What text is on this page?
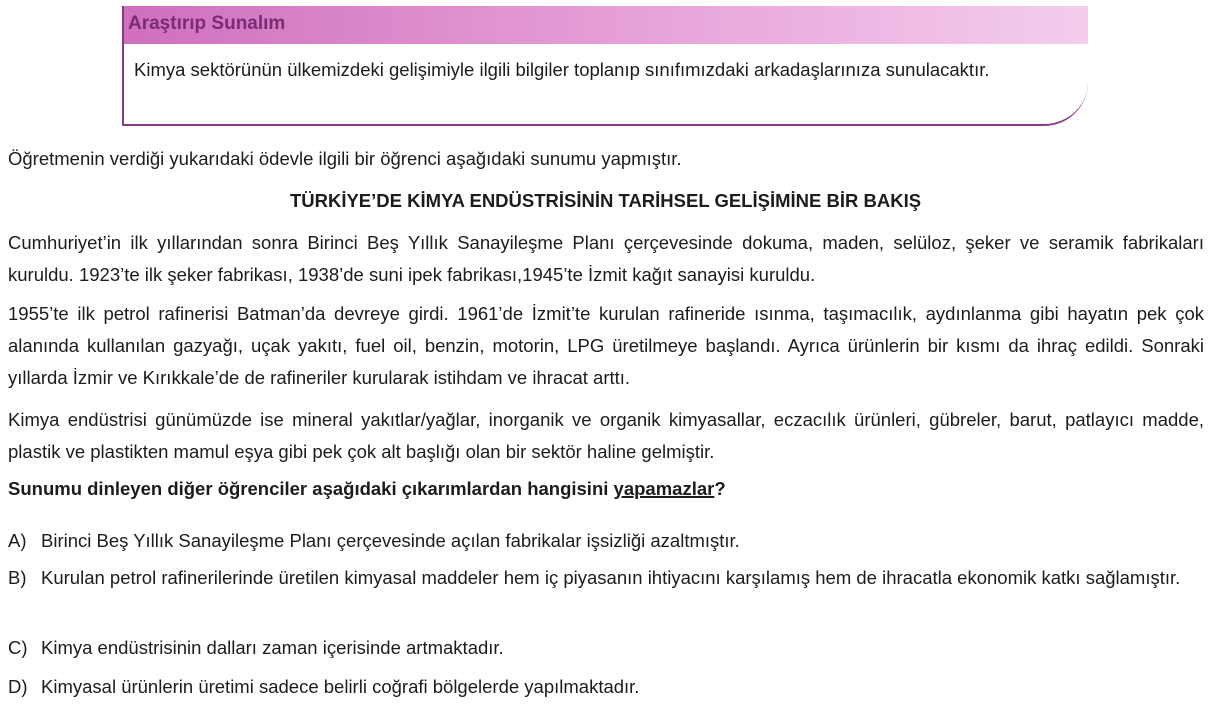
Araştırıp Sunalım
Kimya sektörünün ülkemizdeki gelişimiyle ilgili bilgiler toplanıp sınıfımızdaki arkadaşlarınıza sunulacaktır.
Öğretmenin verdiği yukarıdaki ödevle ilgili bir öğrenci aşağıdaki sunumu yapmıştır.
TÜRKİYE’DE KİMYA ENDÜSTRİSİNİN TARİHSEL GELİŞİMİNE BİR BAKIŞ
Cumhuriyet’in ilk yıllarından sonra Birinci Beş Yıllık Sanayileşme Planı çerçevesinde dokuma, maden, selüloz, şeker ve seramik fabrikaları kuruldu. 1923’te ilk şeker fabrikası, 1938’de suni ipek fabrikası,1945’te İzmit kağıt sanayisi kuruldu.
1955’te ilk petrol rafinerisi Batman’da devreye girdi. 1961’de İzmit’te kurulan rafineride ısınma, taşımacılık, aydınlanma gibi hayatın pek çok alanında kullanılan gazyağı, uçak yakıtı, fuel oil, benzin, motorin, LPG üretilmeye başlandı. Ayrıca ürünlerin bir kısmı da ihraç edildi. Sonraki yıllarda İzmir ve Kırıkkale’de de rafineriler kurularak istihdam ve ihracat arttı.
Kimya endüstrisi günümüzde ise mineral yakıtlar/yağlar, inorganik ve organik kimyasallar, eczacılık ürünleri, gübreler, barut, patlayıcı madde, plastik ve plastikten mamul eşya gibi pek çok alt başlığı olan bir sektör haline gelmiştir.
Sunumu dinleyen diğer öğrenciler aşağıdaki çıkarımlardan hangisini yapamazlar?
A) Birinci Beş Yıllık Sanayileşme Planı çerçevesinde açılan fabrikalar işsizliği azaltmıştır.
B) Kurulan petrol rafinerilerinde üretilen kimyasal maddeler hem iç piyasanın ihtiyacını karşılamış hem de ihracatla ekonomik katkı sağlamıştır.
C) Kimya endüstrisinin dalları zaman içerisinde artmaktadır.
D) Kimyasal ürünlerin üretimi sadece belirli coğrafi bölgelerde yapılmaktadır.
